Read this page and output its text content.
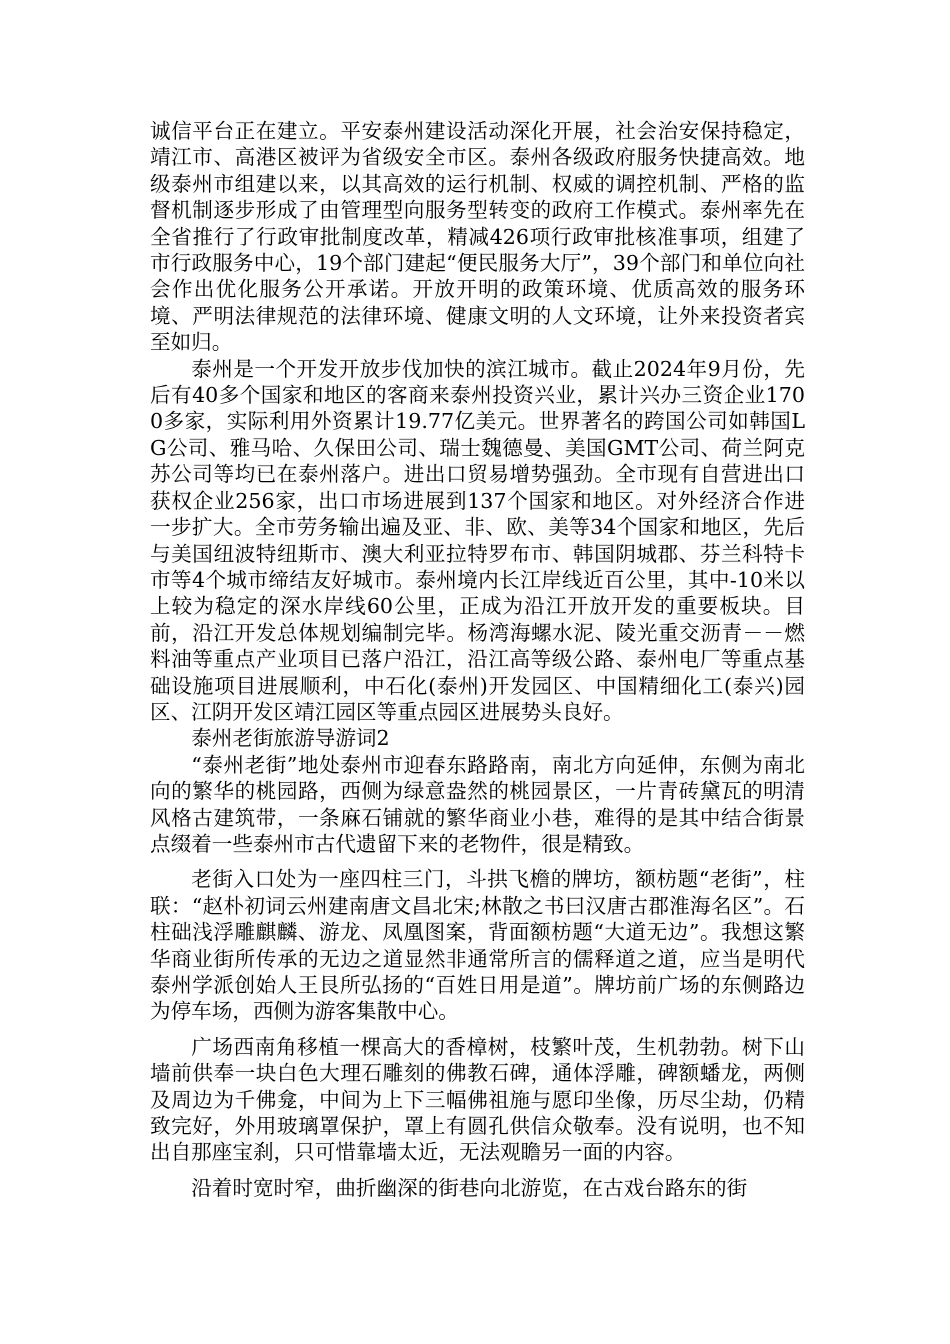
诚信平台正在建立。平安泰州建设活动深化开展，社会治安保持稳定，靖江市、高港区被评为省级安全市区。泰州各级政府服务快捷高效。地级泰州市组建以来，以其高效的运行机制、权威的调控机制、严格的监督机制逐步形成了由管理型向服务型转变的政府工作模式。泰州率先在全省推行了行政审批制度改革，精减426项行政审批核准事项，组建了市行政服务中心，19个部门建起“便民服务大厅”，39个部门和单位向社会作出优化服务公开承诺。开放开明的政策环境、优质高效的服务环境、严明法律规范的法律环境、健康文明的人文环境，让外来投资者宾至如归。

泰州是一个开发开放步伐加快的滨江城市。截止2024年9月份，先后有40多个国家和地区的客商来泰州投资兴业，累计兴办三资企业1700多家，实际利用外资累计19.77亿美元。世界著名的跨国公司如韩国LG公司、雅马哈、久保田公司、瑞士魏德曼、美国GMT公司、荷兰阿克苏公司等均已在泰州落户。进出口贸易增势强劲。全市现有自营进出口获权企业256家，出口市场进展到137个国家和地区。对外经济合作进一步扩大。全市劳务输出遍及亚、非、欧、美等34个国家和地区，先后与美国纽波特纽斯市、澳大利亚拉特罗布市、韩国阴城郡、芬兰科特卡市等4个城市缔结友好城市。泰州境内长江岸线近百公里，其中-10米以上较为稳定的深水岸线60公里，正成为沿江开放开发的重要板块。目前，沿江开发总体规划编制完毕。杨湾海螺水泥、陵光重交沥青－－燃料油等重点产业项目已落户沿江，沿江高等级公路、泰州电厂等重点基础设施项目进展顺利，中石化(泰州)开发园区、中国精细化工(泰兴)园区、江阴开发区靖江园区等重点园区进展势头良好。

泰州老街旅游导游词2

“泰州老街”地处泰州市迎春东路路南，南北方向延伸，东侧为南北向的繁华的桃园路，西侧为绿意盎然的桃园景区，一片青砖黛瓦的明清风格古建筑带，一条麻石铺就的繁华商业小巷，难得的是其中结合街景点缀着一些泰州市古代遗留下来的老物件，很是精致。

老街入口处为一座四柱三门，斗拱飞檐的牌坊，额枋题“老街”，柱联：“赵朴初词云州建南唐文昌北宋;林散之书曰汉唐古郡淮海名区”。石柱础浅浮雕麒麟、游龙、凤凰图案，背面额枋题“大道无边”。我想这繁华商业街所传承的无边之道显然非通常所言的儒释道之道，应当是明代泰州学派创始人王艮所弘扬的“百姓日用是道”。牌坊前广场的东侧路边为停车场，西侧为游客集散中心。

广场西南角移植一棵高大的香樟树，枝繁叶茂，生机勃勃。树下山墙前供奉一块白色大理石雕刻的佛教石碑，通体浮雕，碑额蟠龙，两侧及周边为千佛龛，中间为上下三幅佛祖施与愿印坐像，历尽尘劫，仍精致完好，外用玻璃罩保护，罩上有圆孔供信众敬奉。没有说明，也不知出自那座宝刹，只可惜靠墙太近，无法观瞻另一面的内容。

沿着时宽时窄，曲折幽深的街巷向北游览，在古戏台路东的街
